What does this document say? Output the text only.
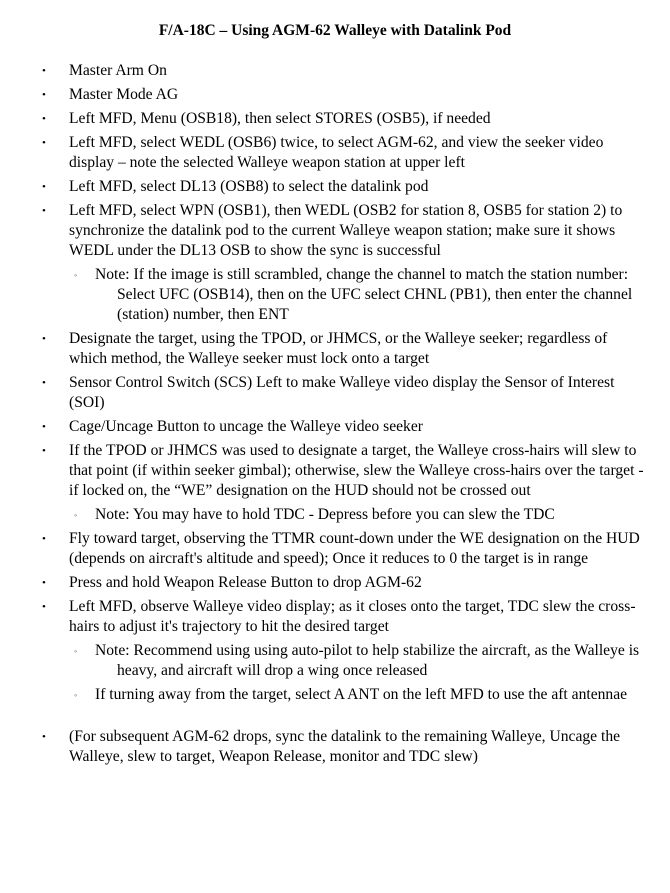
F/A-18C – Using AGM-62 Walleye with Datalink Pod
• Master Arm On
• Master Mode AG
• Left MFD, Menu (OSB18), then select STORES (OSB5), if needed
• Left MFD, select WEDL (OSB6) twice, to select AGM-62, and view the seeker video display – note the selected Walleye weapon station at upper left
• Left MFD, select DL13 (OSB8) to select the datalink pod
• Left MFD, select WPN (OSB1), then WEDL (OSB2 for station 8, OSB5 for station 2) to synchronize the datalink pod to the current Walleye weapon station; make sure it shows WEDL under the DL13 OSB to show the sync is successful
◦ Note: If the image is still scrambled, change the channel to match the station number: Select UFC (OSB14), then on the UFC select CHNL (PB1), then enter the channel (station) number, then ENT
• Designate the target, using the TPOD, or JHMCS, or the Walleye seeker; regardless of which method, the Walleye seeker must lock onto a target
• Sensor Control Switch (SCS) Left to make Walleye video display the Sensor of Interest (SOI)
• Cage/Uncage Button to uncage the Walleye video seeker
• If the TPOD or JHMCS was used to designate a target, the Walleye cross-hairs will slew to that point (if within seeker gimbal); otherwise, slew the Walleye cross-hairs over the target - if locked on, the “WE” designation on the HUD should not be crossed out
◦ Note: You may have to hold TDC - Depress before you can slew the TDC
• Fly toward target, observing the TTMR count-down under the WE designation on the HUD (depends on aircraft's altitude and speed); Once it reduces to 0 the target is in range
• Press and hold Weapon Release Button to drop AGM-62
• Left MFD, observe Walleye video display; as it closes onto the target, TDC slew the cross-hairs to adjust it's trajectory to hit the desired target
◦ Note: Recommend using using auto-pilot to help stabilize the aircraft, as the Walleye is heavy, and aircraft will drop a wing once released
◦ If turning away from the target, select A ANT on the left MFD to use the aft antennae
• (For subsequent AGM-62 drops, sync the datalink to the remaining Walleye, Uncage the Walleye, slew to target, Weapon Release, monitor and TDC slew)
